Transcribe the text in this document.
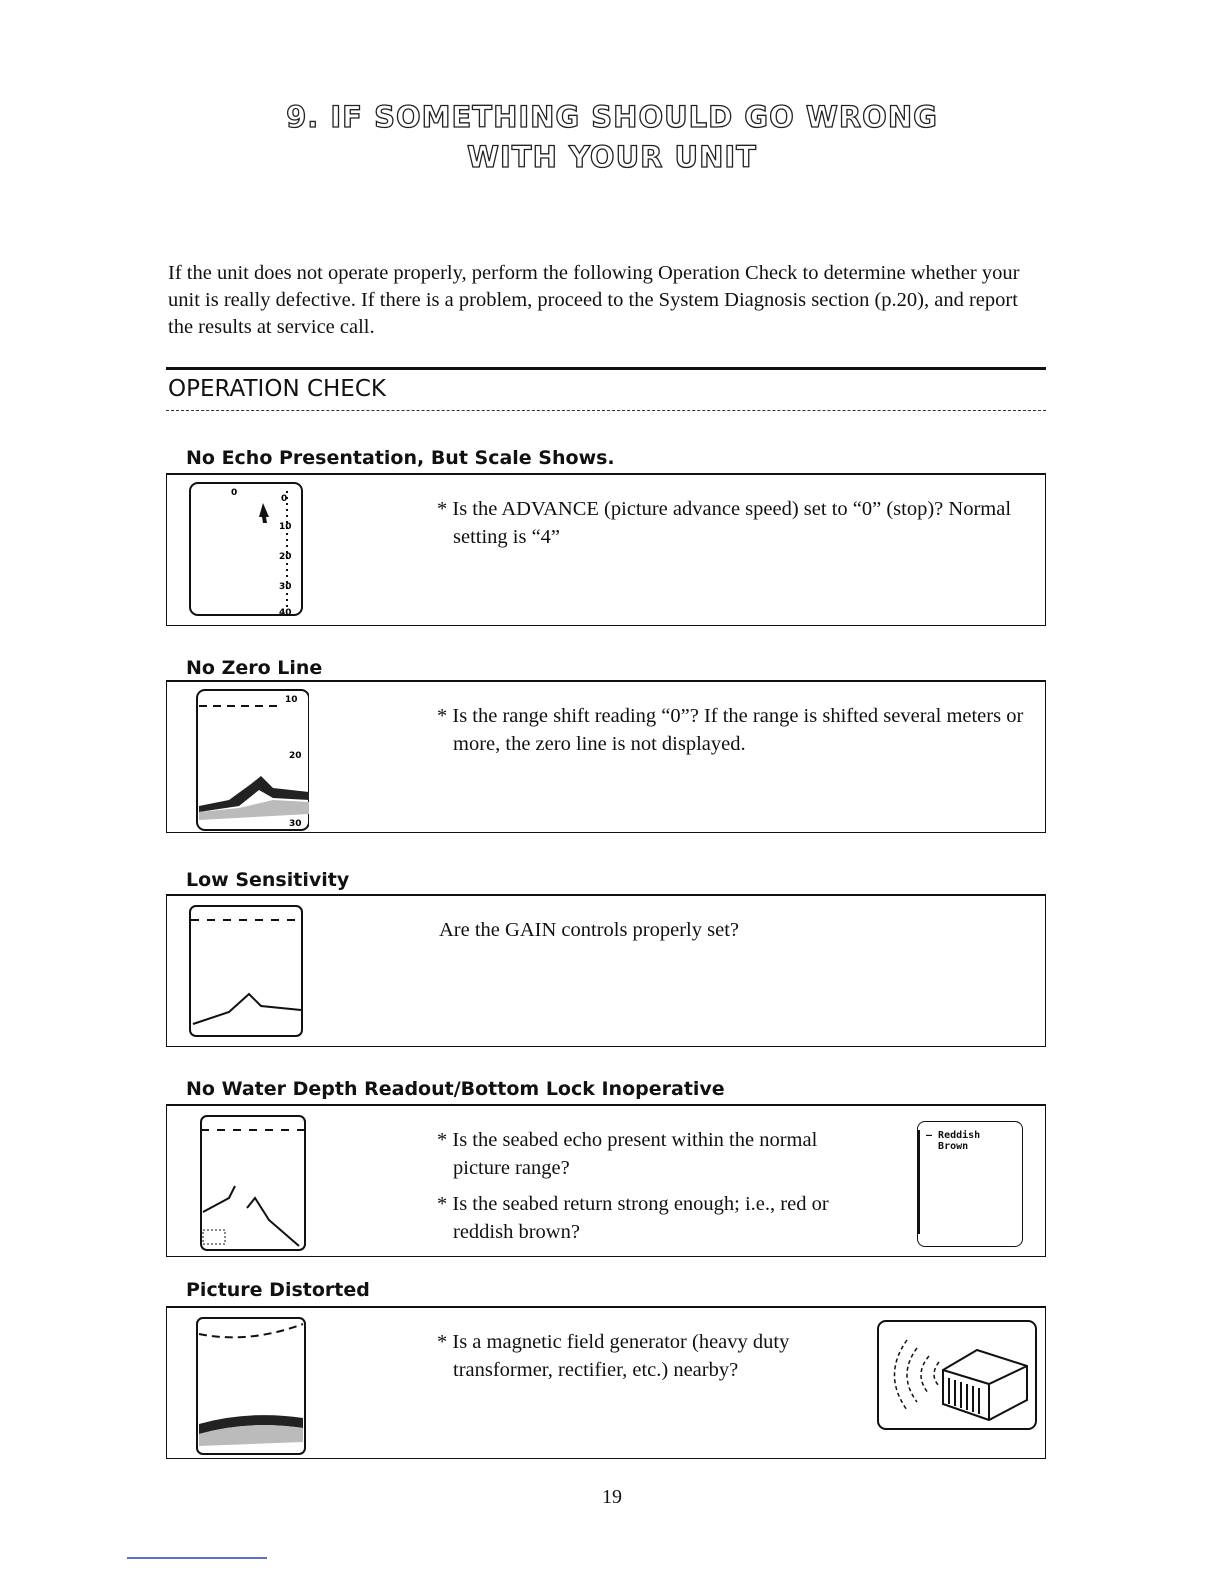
9. IF SOMETHING SHOULD GO WRONG
WITH YOUR UNIT
If the unit does not operate properly, perform the following Operation Check to determine whether your unit is really defective. If there is a problem, proceed to the System Diagnosis section (p.20), and report the results at service call.
OPERATION CHECK
No Echo Presentation, But Scale Shows.
0
0
10
20
30
40

* Is the ADVANCE (picture advance speed) set to “0” (stop)? Normal setting is “4”

No Zero Line
10
20
30

* Is the range shift reading “0”? If the range is shifted several meters or more, the zero line is not displayed.

Low Sensitivity

Are the GAIN controls properly set?

No Water Depth Readout/Bottom Lock Inoperative

* Is the seabed echo present within the normal picture range?

* Is the seabed return strong enough; i.e., red or reddish brown?

— Reddish
Brown
Picture Distorted

* Is a magnetic field generator (heavy duty transformer, rectifier, etc.) nearby?

19
